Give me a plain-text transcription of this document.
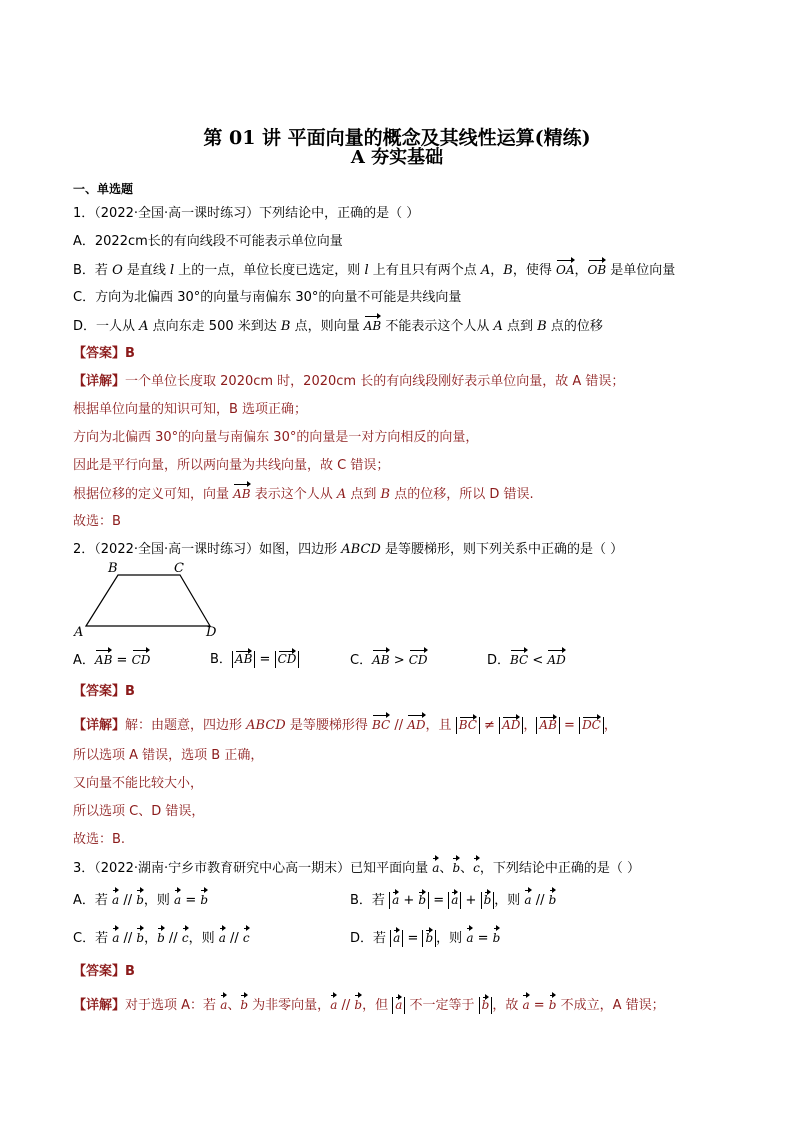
第 01 讲 平面向量的概念及其线性运算(精练)
A 夯实基础
一、单选题
1．（2022·全国·高一课时练习）下列结论中，正确的是（ ）
A．2022cm长的有向线段不可能表示单位向量
B．若 O 是直线 l 上的一点，单位长度已选定，则 l 上有且只有两个点 A，B，使得 OA，OB 是单位向量
C．方向为北偏西 30°的向量与南偏东 30°的向量不可能是共线向量
D．一人从 A 点向东走 500 米到达 B 点，则向量 AB 不能表示这个人从 A 点到 B 点的位移
【答案】B
【详解】一个单位长度取 2020cm 时，2020cm 长的有向线段刚好表示单位向量，故 A 错误；
根据单位向量的知识可知，B 选项正确；
方向为北偏西 30°的向量与南偏东 30°的向量是一对方向相反的向量，
因此是平行向量，所以两向量为共线向量，故 C 错误；
根据位移的定义可知，向量 AB 表示这个人从 A 点到 B 点的位移，所以 D 错误.
故选：B
2．（2022·全国·高一课时练习）如图，四边形 ABCD 是等腰梯形，则下列关系中正确的是（ ）
B	C
A	D
A．AB = CD	B． AB = CD	C．AB > CD	D．BC < AD
【答案】B
【详解】解：由题意，四边形 ABCD 是等腰梯形得 BC // AD，且 BC ≠ AD ， AB = DC ，
所以选项 A 错误，选项 B 正确，
又向量不能比较大小，
所以选项 C、D 错误，
故选：B.
3．（2022·湖南·宁乡市教育研究中心高一期末）已知平面向量 a、b、c，下列结论中正确的是（ ）
A．若 a // b，则 a = b	B．若 a + b = a + b ，则 a // b
C．若 a // b，b // c，则 a // c	D．若 a = b ，则 a = b
【答案】B
【详解】对于选项 A：若 a、b 为非零向量，a // b，但 a 不一定等于 b ，故 a = b 不成立，A 错误；
